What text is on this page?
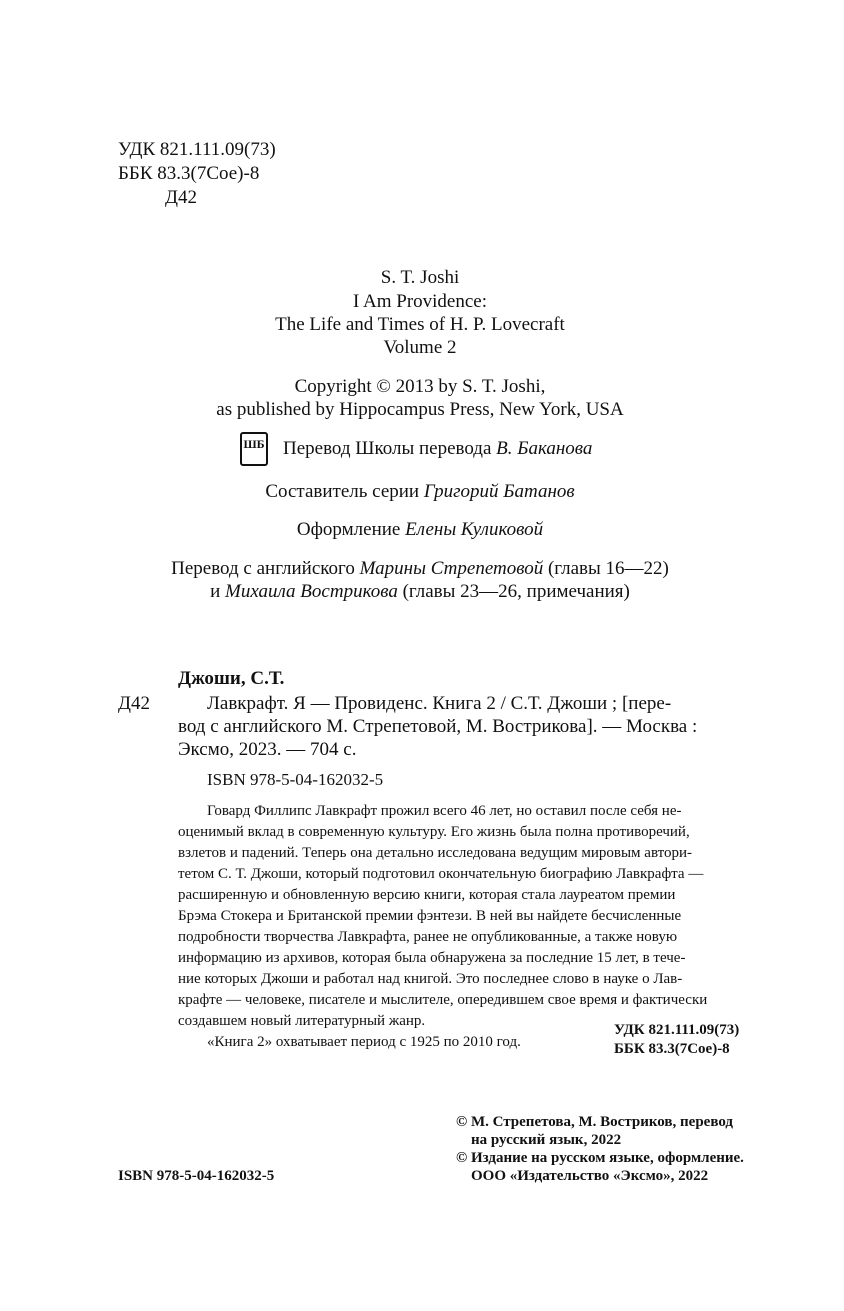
УДК 821.111.09(73)
ББК 83.3(7Сое)-8
Д42
S. T. Joshi
I Am Providence:
The Life and Times of H. P. Lovecraft
Volume 2
Copyright © 2013 by S. T. Joshi,
as published by Hippocampus Press, New York, USA
ШБ Перевод Школы перевода В. Баканова
Составитель серии Григорий Батанов
Оформление Елены Куликовой
Перевод с английского Марины Стрепетовой (главы 16—22)
и Михаила Вострикова (главы 23—26, примечания)
Джоши, С.Т.
Д42	Лавкрафт. Я — Провиденс. Книга 2 / С.Т. Джоши ; [пере-
вод с английского М. Стрепетовой, М. Вострикова]. — Москва :
Эксмо, 2023. — 704 с.
ISBN 978-5-04-162032-5
Говард Филлипс Лавкрафт прожил всего 46 лет, но оставил после себя не-
оценимый вклад в современную культуру. Его жизнь была полна противоречий,
взлетов и падений. Теперь она детально исследована ведущим мировым автори-
тетом С. Т. Джоши, который подготовил окончательную биографию Лавкрафта —
расширенную и обновленную версию книги, которая стала лауреатом премии
Брэма Стокера и Британской премии фэнтези. В ней вы найдете бесчисленные
подробности творчества Лавкрафта, ранее не опубликованные, а также новую
информацию из архивов, которая была обнаружена за последние 15 лет, в тече-
ние которых Джоши и работал над книгой. Это последнее слово в науке о Лав-
крафте — человеке, писателе и мыслителе, опередившем свое время и фактически
создавшем новый литературный жанр.
«Книга 2» охватывает период с 1925 по 2010 год.
УДК 821.111.09(73)
ББК 83.3(7Сое)-8
ISBN 978-5-04-162032-5
© М. Стрепетова, М. Востриков, перевод
на русский язык, 2022
© Издание на русском языке, оформление.
ООО «Издательство «Эксмо», 2022
